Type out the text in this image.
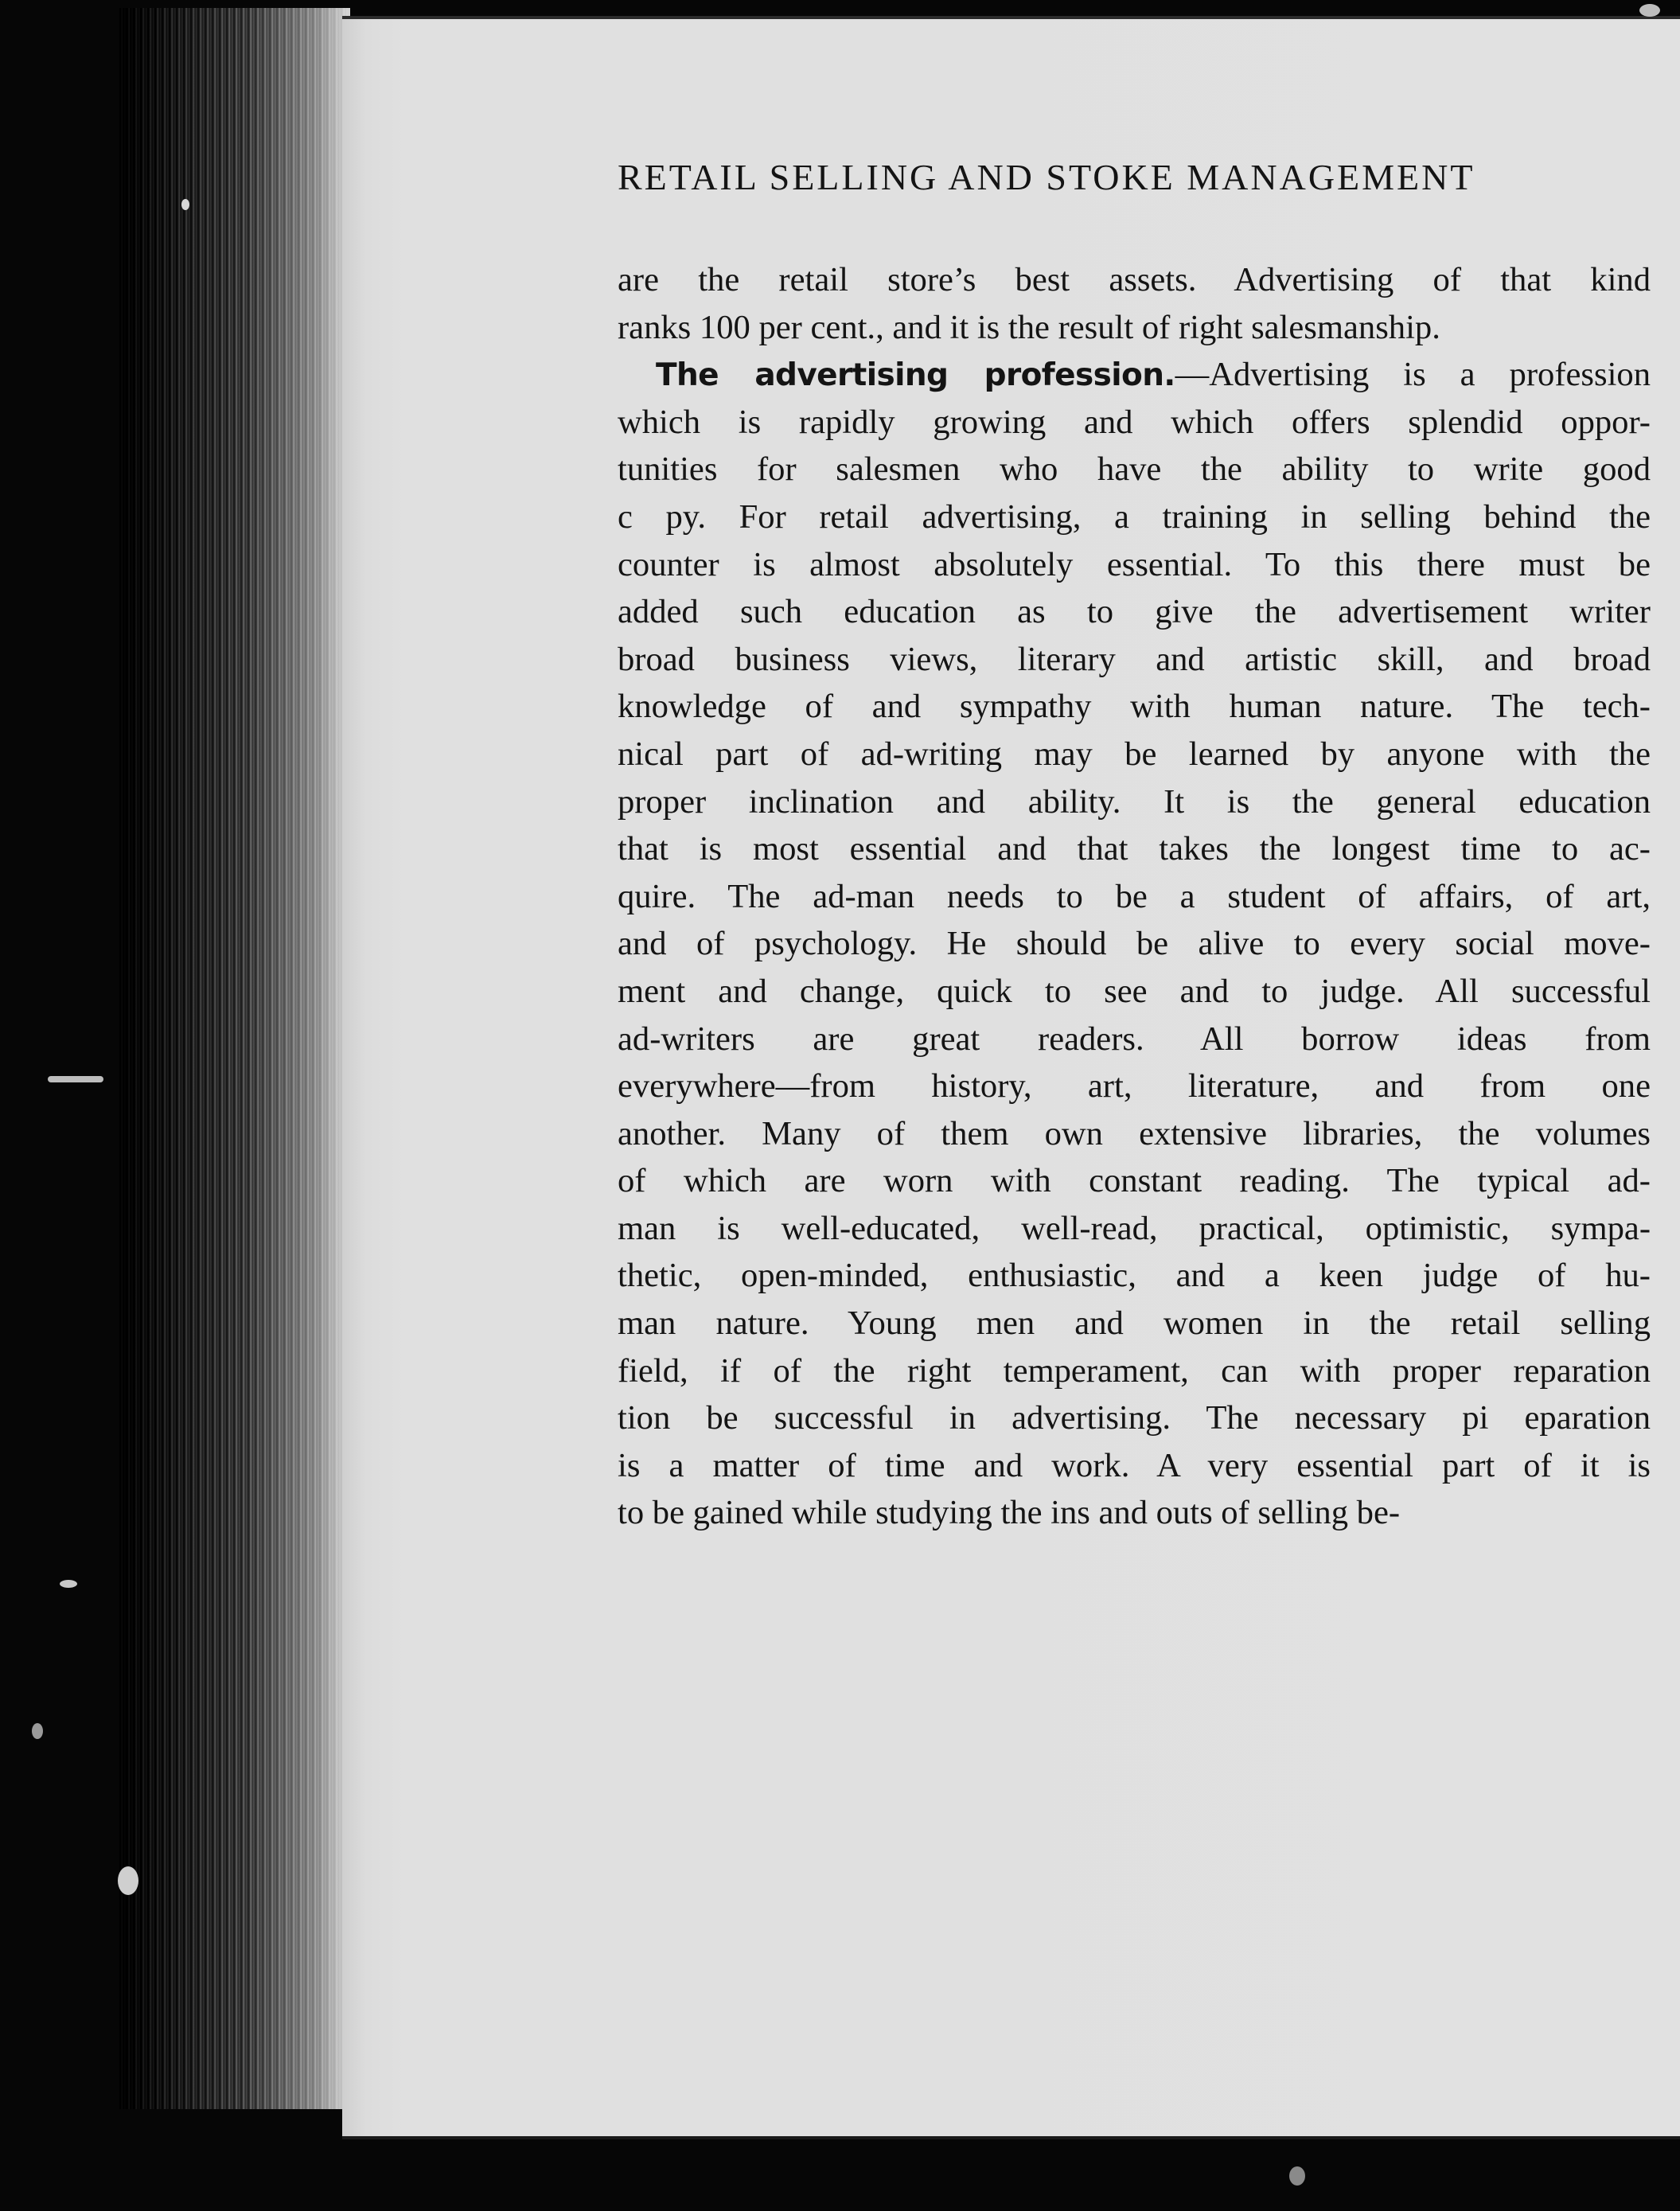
RETAIL SELLING AND STOKE MANAGEMENT
are the retail store’s best assets. Advertising of that kind
ranks 100 per cent., and it is the result of right salesmanship.
The advertising profession.—Advertising is a profession
which is rapidly growing and which offers splendid oppor-
tunities for salesmen who have the ability to write good
c py. For retail advertising, a training in selling behind the
counter is almost absolutely essential. To this there must be
added such education as to give the advertisement writer
broad business views, literary and artistic skill, and broad
knowledge of and sympathy with human nature. The tech-
nical part of ad-writing may be learned by anyone with the
proper inclination and ability. It is the general education
that is most essential and that takes the longest time to ac-
quire. The ad-man needs to be a student of affairs, of art,
and of psychology. He should be alive to every social move-
ment and change, quick to see and to judge. All successful
ad-writers are great readers. All borrow ideas from
everywhere—from history, art, literature, and from one
another. Many of them own extensive libraries, the volumes
of which are worn with constant reading. The typical ad-
man is well-educated, well-read, practical, optimistic, sympa-
thetic, open-minded, enthusiastic, and a keen judge of hu-
man nature. Young men and women in the retail selling
field, if of the right temperament, can with proper reparation
tion be successful in advertising. The necessary pi eparation
is a matter of time and work. A very essential part of it is
to be gained while studying the ins and outs of selling be-
